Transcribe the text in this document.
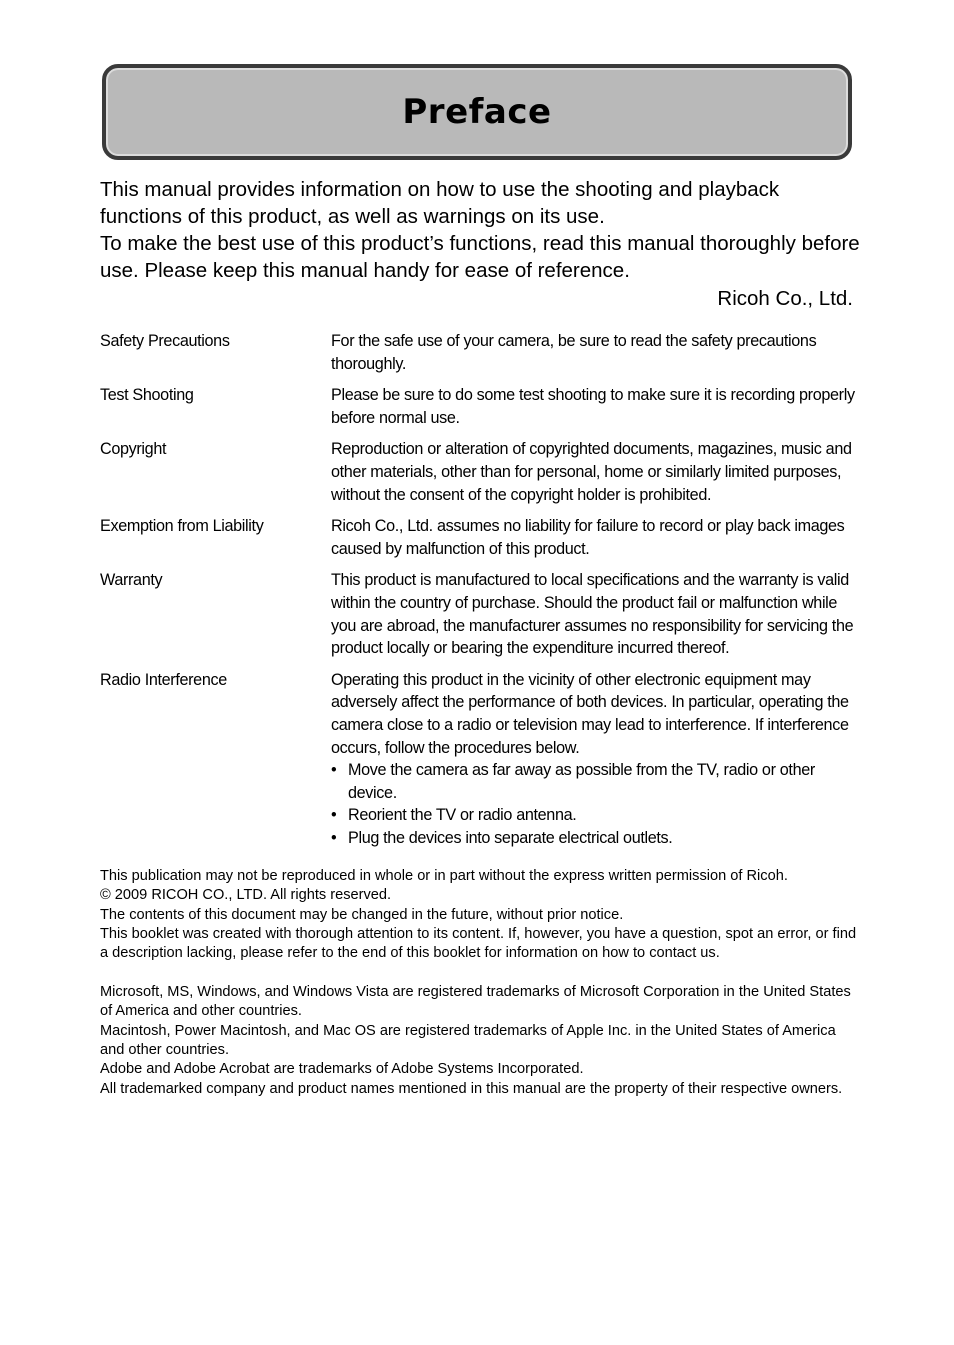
Preface

This manual provides information on how to use the shooting and playback functions of this product, as well as warnings on its use.

To make the best use of this product’s functions, read this manual thoroughly before use. Please keep this manual handy for ease of reference.

Ricoh Co., Ltd.
Safety Precautions	For the safe use of your camera, be sure to read the safety precautions thoroughly.

Test Shooting	Please be sure to do some test shooting to make sure it is recording properly before normal use.

Copyright	Reproduction or alteration of copyrighted documents, magazines, music and other materials, other than for personal, home or similarly limited purposes, without the consent of the copyright holder is prohibited.

Exemption from Liability	Ricoh Co., Ltd. assumes no liability for failure to record or play back images caused by malfunction of this product.

Warranty	This product is manufactured to local specifications and the warranty is valid within the country of purchase. Should the product fail or malfunction while you are abroad, the manufacturer assumes no responsibility for servicing the product locally or bearing the expenditure incurred thereof.

Radio Interference	Operating this product in the vicinity of other electronic equipment may adversely affect the performance of both devices. In particular, operating the camera close to a radio or television may lead to interference. If interference occurs, follow the procedures below.

• Move the camera as far away as possible from the TV, radio or other device.
• Reorient the TV or radio antenna.
• Plug the devices into separate electrical outlets.

This publication may not be reproduced in whole or in part without the express written permission of Ricoh.

© 2009 RICOH CO., LTD. All rights reserved.

The contents of this document may be changed in the future, without prior notice.

This booklet was created with thorough attention to its content. If, however, you have a question, spot an error, or find a description lacking, please refer to the end of this booklet for information on how to contact us.

Microsoft, MS, Windows, and Windows Vista are registered trademarks of Microsoft Corporation in the United States of America and other countries.

Macintosh, Power Macintosh, and Mac OS are registered trademarks of Apple Inc. in the United States of America and other countries.

Adobe and Adobe Acrobat are trademarks of Adobe Systems Incorporated.

All trademarked company and product names mentioned in this manual are the property of their respective owners.
